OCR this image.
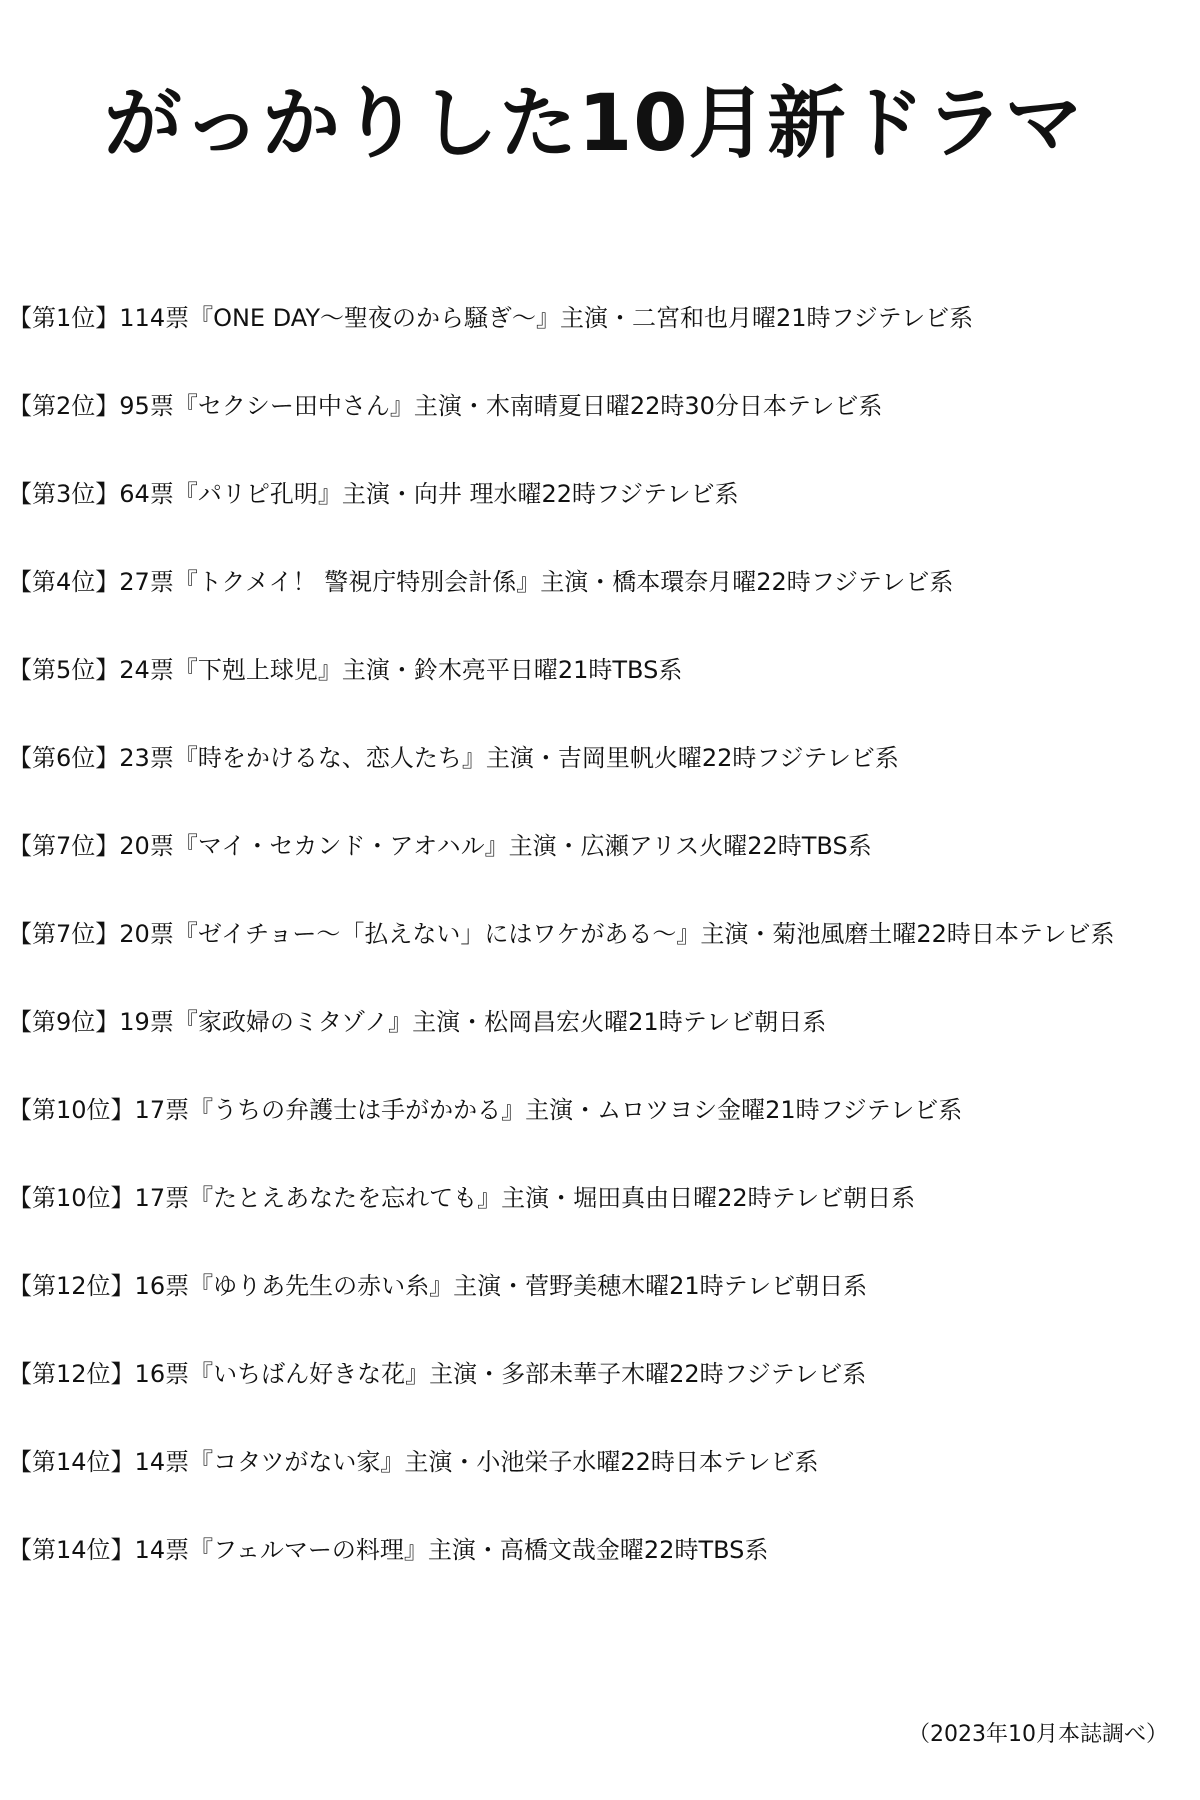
がっかりした10月新ドラマ
【第1位】114票『ONE DAY〜聖夜のから騒ぎ〜』主演・二宮和也月曜21時フジテレビ系
【第2位】95票『セクシー田中さん』主演・木南晴夏日曜22時30分日本テレビ系
【第3位】64票『パリピ孔明』主演・向井 理水曜22時フジテレビ系
【第4位】27票『トクメイ！ 警視庁特別会計係』主演・橋本環奈月曜22時フジテレビ系
【第5位】24票『下剋上球児』主演・鈴木亮平日曜21時TBS系
【第6位】23票『時をかけるな、恋人たち』主演・吉岡里帆火曜22時フジテレビ系
【第7位】20票『マイ・セカンド・アオハル』主演・広瀬アリス火曜22時TBS系
【第7位】20票『ゼイチョー〜「払えない」にはワケがある〜』主演・菊池風磨土曜22時日本テレビ系
【第9位】19票『家政婦のミタゾノ』主演・松岡昌宏火曜21時テレビ朝日系
【第10位】17票『うちの弁護士は手がかかる』主演・ムロツヨシ金曜21時フジテレビ系
【第10位】17票『たとえあなたを忘れても』主演・堀田真由日曜22時テレビ朝日系
【第12位】16票『ゆりあ先生の赤い糸』主演・菅野美穂木曜21時テレビ朝日系
【第12位】16票『いちばん好きな花』主演・多部未華子木曜22時フジテレビ系
【第14位】14票『コタツがない家』主演・小池栄子水曜22時日本テレビ系
【第14位】14票『フェルマーの料理』主演・高橋文哉金曜22時TBS系
（2023年10月本誌調べ）
